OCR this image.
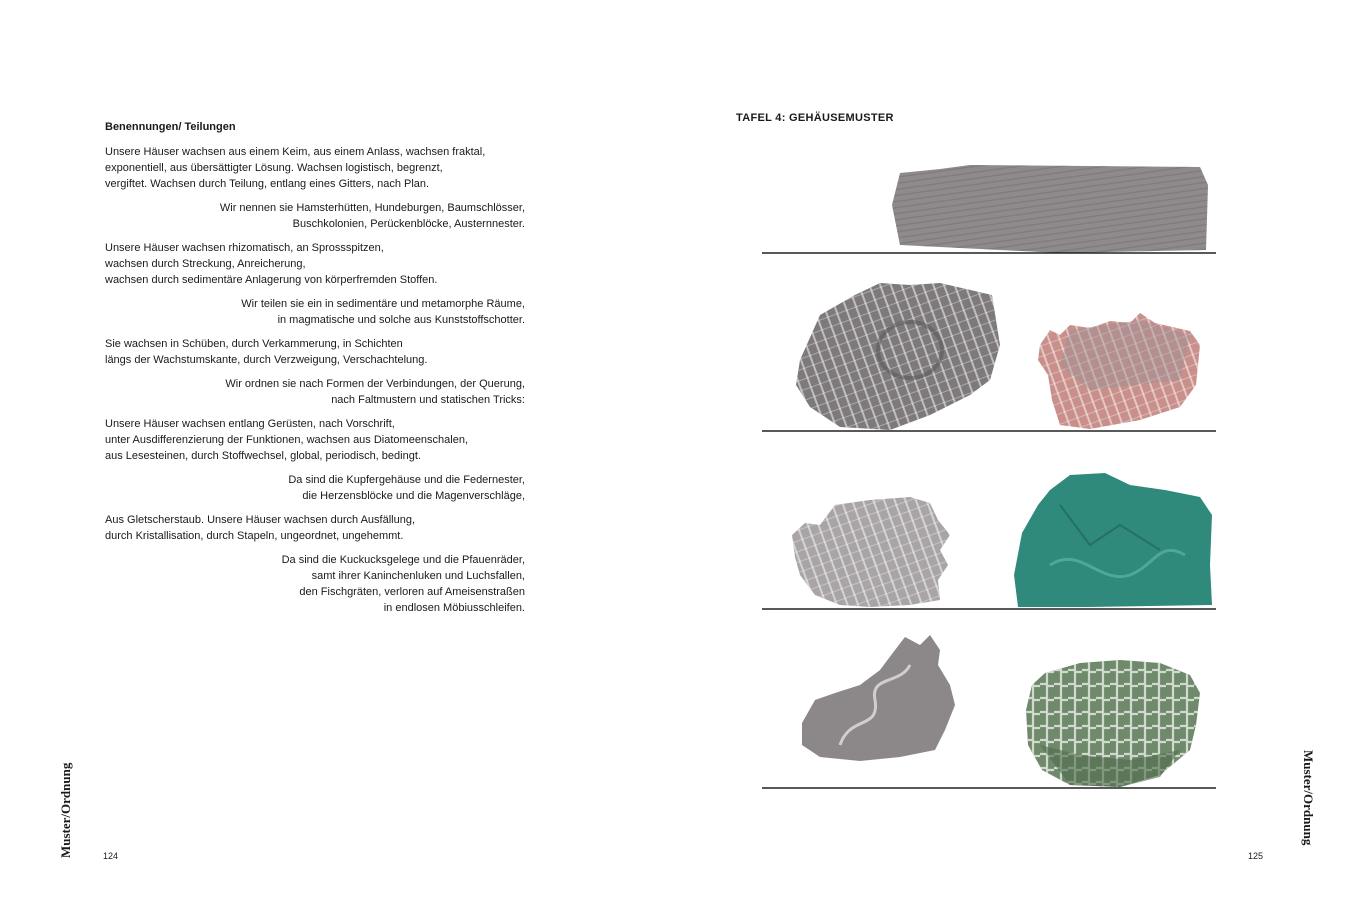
Benennungen/ Teilungen
Unsere Häuser wachsen aus einem Keim, aus einem Anlass, wachsen fraktal,
exponentiell, aus übersättigter Lösung. Wachsen logistisch, begrenzt,
vergiftet. Wachsen durch Teilung, entlang eines Gitters, nach Plan.
Wir nennen sie Hamsterhütten, Hundeburgen, Baumschlösser,
Buschkolonien, Perückenblöcke, Austernnester.
Unsere Häuser wachsen rhizomatisch, an Sprossspitzen,
wachsen durch Streckung, Anreicherung,
wachsen durch sedimentäre Anlagerung von körperfremden Stoffen.
Wir teilen sie ein in sedimentäre und metamorphe Räume,
in magmatische und solche aus Kunststoffschotter.
Sie wachsen in Schüben, durch Verkammerung, in Schichten
längs der Wachstumskante, durch Verzweigung, Verschachtelung.
Wir ordnen sie nach Formen der Verbindungen, der Querung,
nach Faltmustern und statischen Tricks:
Unsere Häuser wachsen entlang Gerüsten, nach Vorschrift,
unter Ausdifferenzierung der Funktionen, wachsen aus Diatomeenschalen,
aus Lesesteinen, durch Stoffwechsel, global, periodisch, bedingt.
Da sind die Kupfergehäuse und die Federnester,
die Herzensblöcke und die Magenverschläge,
Aus Gletscherstaub. Unsere Häuser wachsen durch Ausfällung,
durch Kristallisation, durch Stapeln, ungeordnet, ungehemmt.
Da sind die Kuckucksgelege und die Pfauenräder,
samt ihrer Kaninchenluken und Luchsfallen,
den Fischgräten, verloren auf Ameisenstraßen
in endlosen Möbiusschleifen.
Muster/Ordnung	124
TAFEL 4: GEHÄUSEMUSTER
Muster/Ordnung
125
